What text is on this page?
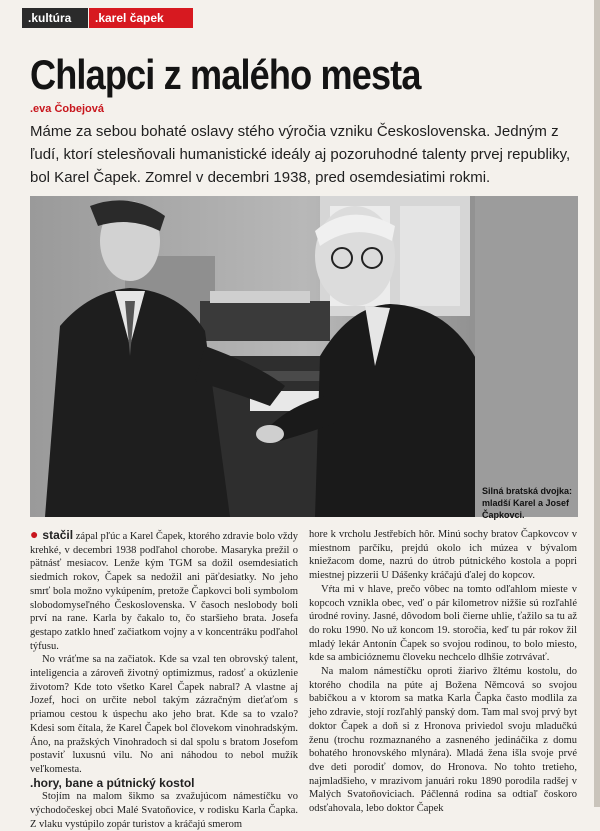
.kultúra	.karel čapek
Chlapci z malého mesta
.eva Čobejová
Máme za sebou bohaté oslavy stého výročia vzniku Československa. Jedným z ľudí, ktorí stelesňovali humanistické ideály aj pozoruhodné talenty prvej republiky, bol Karel Čapek. Zomrel v decembri 1938, pred osemdesiatimi rokmi.
Silná bratská dvojka: mladší Karel a Josef Čapkovci.

● stačil zápal pľúc a Karel Čapek, ktorého zdravie bolo vždy krehké, v decembri 1938 podľahol chorobe. Masaryka prežil o pätnásť mesiacov. Lenže kým TGM sa dožil osemdesiatich siedmich rokov, Čapek sa nedožil ani päťdesiatky. No jeho smrť bola možno vykúpením, pretože Čapkovci boli symbolom slobodomyseľného Československa. V časoch neslobody boli prví na rane. Karla by čakalo to, čo staršieho brata. Josefa gestapo zatklo hneď začiatkom vojny a v koncentráku podľahol týfusu.

No vráťme sa na začiatok. Kde sa vzal ten obrovský talent, inteligencia a zároveň životný optimizmus, radosť a okúzlenie životom? Kde toto všetko Karel Čapek nabral? A vlastne aj Jozef, hoci on určite nebol takým zázračným dieťaťom s priamou cestou k úspechu ako jeho brat. Kde sa to vzalo? Kdesi som čítala, že Karel Čapek bol človekom vinohradským. Áno, na pražských Vinohradoch si dal spolu s bratom Josefom postaviť luxusnú vilu. No ani náhodou to nebol mužík veľkomesta.

.hory, bane a pútnický kostol

Stojím na malom šikmo sa zvažujúcom námestíčku vo východočeskej obci Malé Svatoňovice, v rodisku Karla Čapka. Z vlaku vystúpilo zopár turistov a kráčajú smerom

hore k vrcholu Jestřebích hôr. Minú sochy bratov Čapkovcov v miestnom parčíku, prejdú okolo ich múzea v bývalom kniežacom dome, nazrú do útrob pútnického kostola a popri miestnej pizzerii U Dášenky kráčajú ďalej do kopcov.

Vŕta mi v hlave, prečo vôbec na tomto odľahlom mieste v kopcoch vznikla obec, veď o pár kilometrov nižšie sú rozľahlé úrodné roviny. Jasné, dôvodom boli čierne uhlie, ťažilo sa tu až do roku 1990. No už koncom 19. storočia, keď tu pár rokov žil mladý lekár Antonín Čapek so svojou rodinou, to bolo miesto, kde sa ambicióznemu človeku nechcelo dlhšie zotrvávať.

Na malom námestíčku oproti žiarivo žltému kostolu, do ktorého chodila na púte aj Božena Němcová so svojou babičkou a v ktorom sa matka Karla Čapka často modlila za jeho zdravie, stojí rozľahlý panský dom. Tam mal svoj prvý byt doktor Čapek a doň si z Hronova priviedol svoju mladučkú ženu (trochu rozmaznaného a zasneného jedináčika z domu bohatého hronovského mlynára). Mladá žena išla svoje prvé dve deti porodiť domov, do Hronova. No tohto tretieho, najmladšieho, v mrazivom januári roku 1890 porodila radšej v Malých Svatoňoviciach. Páčlenná rodina sa odtiaľ čoskoro odsťahovala, lebo doktor Čapek
